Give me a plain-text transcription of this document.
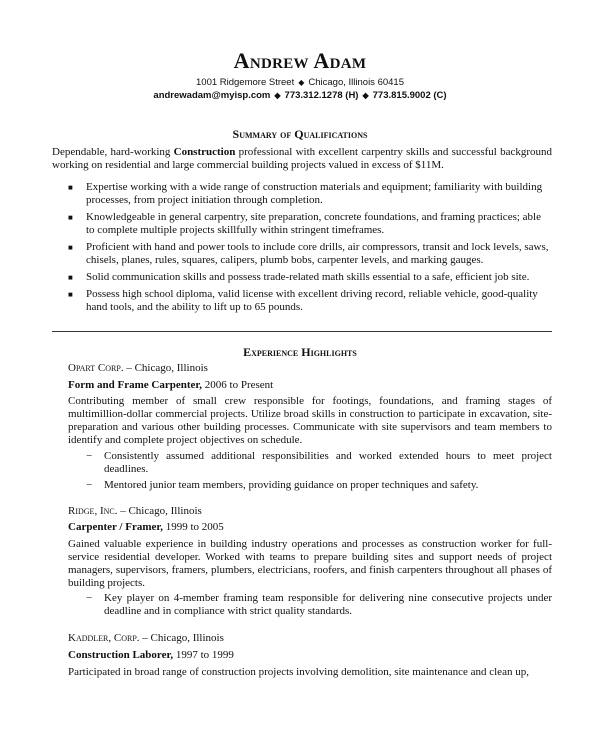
Andrew Adam
1001 Ridgemore Street ◆ Chicago, Illinois 60415
andrewadam@myisp.com ◆ 773.312.1278 (H) ◆ 773.815.9002 (C)
Summary of Qualifications
Dependable, hard-working Construction professional with excellent carpentry skills and successful background working on residential and large commercial building projects valued in excess of $11M.
■ Expertise working with a wide range of construction materials and equipment; familiarity with building processes, from project initiation through completion.
■ Knowledgeable in general carpentry, site preparation, concrete foundations, and framing practices; able to complete multiple projects skillfully within stringent timeframes.
■ Proficient with hand and power tools to include core drills, air compressors, transit and lock levels, saws, chisels, planes, rules, squares, calipers, plumb bobs, carpenter levels, and marking gauges.
■ Solid communication skills and possess trade-related math skills essential to a safe, efficient job site.
■ Possess high school diploma, valid license with excellent driving record, reliable vehicle, good-quality hand tools, and the ability to lift up to 65 pounds.
Experience Highlights
Opart Corp. – Chicago, Illinois
Form and Frame Carpenter, 2006 to Present
Contributing member of small crew responsible for footings, foundations, and framing stages of multimillion-dollar commercial projects. Utilize broad skills in construction to participate in excavation, site-preparation and various other building processes. Communicate with site supervisors and team members to identify and complete project objectives on schedule.
− Consistently assumed additional responsibilities and worked extended hours to meet project deadlines.
− Mentored junior team members, providing guidance on proper techniques and safety.
Ridge, Inc. – Chicago, Illinois
Carpenter / Framer, 1999 to 2005
Gained valuable experience in building industry operations and processes as construction worker for full-service residential developer. Worked with teams to prepare building sites and support needs of project managers, supervisors, framers, plumbers, electricians, roofers, and finish carpenters throughout all phases of building projects.
− Key player on 4-member framing team responsible for delivering nine consecutive projects under deadline and in compliance with strict quality standards.
Kaddler, Corp. – Chicago, Illinois
Construction Laborer, 1997 to 1999
Participated in broad range of construction projects involving demolition, site maintenance and clean up,
